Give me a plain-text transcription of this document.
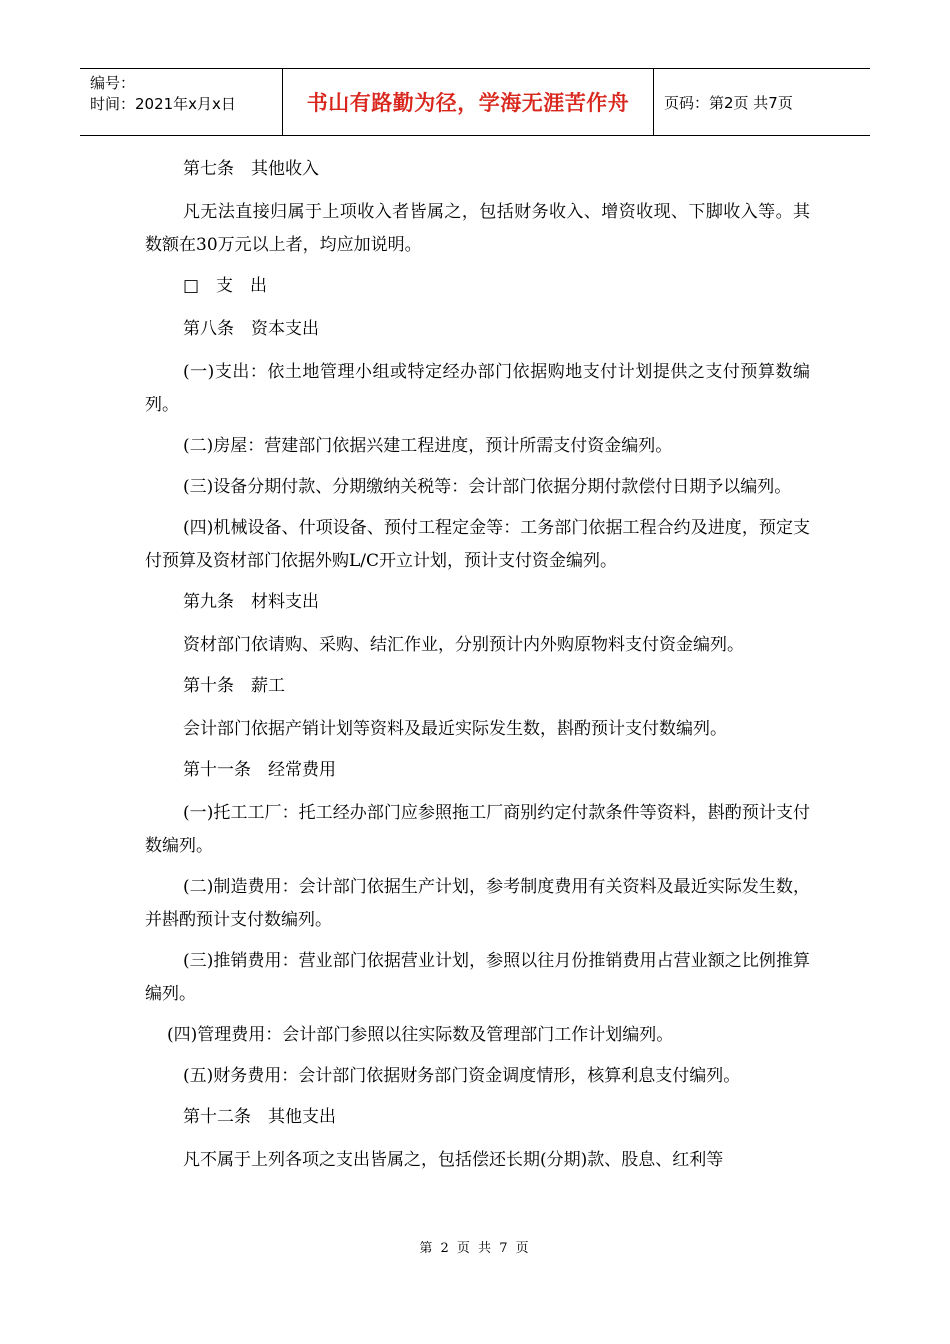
编号：
时间：2021年x月x日	书山有路勤为径，学海无涯苦作舟	页码：第2页 共7页

第七条　其他收入

凡无法直接归属于上项收入者皆属之，包括财务收入、增资收现、下脚收入等。其数额在30万元以上者，均应加说明。

□　支　出

第八条　资本支出

(一)支出：依土地管理小组或特定经办部门依据购地支付计划提供之支付预算数编列。

(二)房屋：营建部门依据兴建工程进度，预计所需支付资金编列。

(三)设备分期付款、分期缴纳关税等：会计部门依据分期付款偿付日期予以编列。

(四)机械设备、什项设备、预付工程定金等：工务部门依据工程合约及进度，预定支付预算及资材部门依据外购L/C开立计划，预计支付资金编列。

第九条　材料支出

资材部门依请购、采购、结汇作业，分别预计内外购原物料支付资金编列。

第十条　薪工

会计部门依据产销计划等资料及最近实际发生数，斟酌预计支付数编列。

第十一条　经常费用

(一)托工工厂：托工经办部门应参照拖工厂商别约定付款条件等资料，斟酌预计支付数编列。

(二)制造费用：会计部门依据生产计划，参考制度费用有关资料及最近实际发生数，并斟酌预计支付数编列。

(三)推销费用：营业部门依据营业计划，参照以往月份推销费用占营业额之比例推算编列。

(四)管理费用：会计部门参照以往实际数及管理部门工作计划编列。

(五)财务费用：会计部门依据财务部门资金调度情形，核算利息支付编列。

第十二条　其他支出

凡不属于上列各项之支出皆属之，包括偿还长期(分期)款、股息、红利等

第 2 页 共 7 页
